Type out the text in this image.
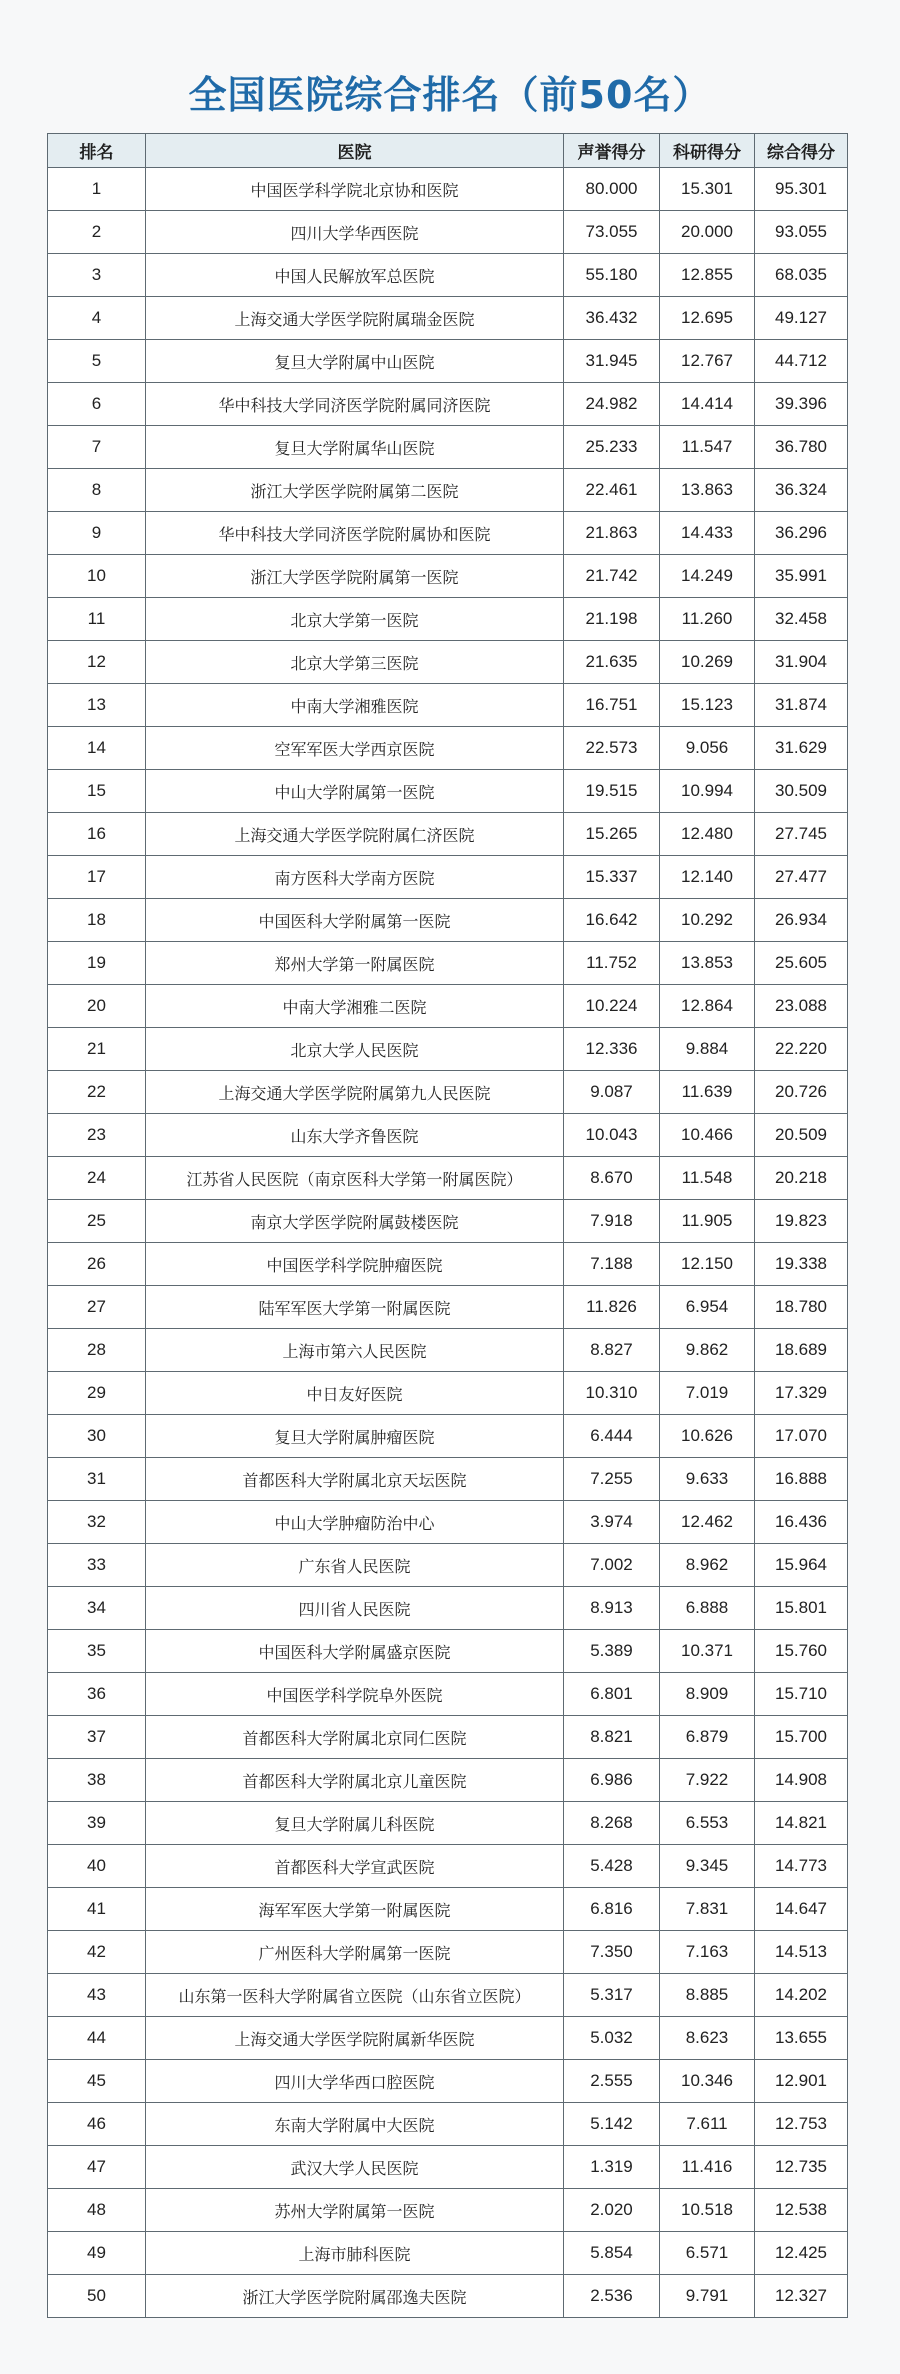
全国医院综合排名（前50名）
排名	医院	声誉得分	科研得分	综合得分
1	中国医学科学院北京协和医院	80.000	15.301	95.301
2	四川大学华西医院	73.055	20.000	93.055
3	中国人民解放军总医院	55.180	12.855	68.035
4	上海交通大学医学院附属瑞金医院	36.432	12.695	49.127
5	复旦大学附属中山医院	31.945	12.767	44.712
6	华中科技大学同济医学院附属同济医院	24.982	14.414	39.396
7	复旦大学附属华山医院	25.233	11.547	36.780
8	浙江大学医学院附属第二医院	22.461	13.863	36.324
9	华中科技大学同济医学院附属协和医院	21.863	14.433	36.296
10	浙江大学医学院附属第一医院	21.742	14.249	35.991
11	北京大学第一医院	21.198	11.260	32.458
12	北京大学第三医院	21.635	10.269	31.904
13	中南大学湘雅医院	16.751	15.123	31.874
14	空军军医大学西京医院	22.573	9.056	31.629
15	中山大学附属第一医院	19.515	10.994	30.509
16	上海交通大学医学院附属仁济医院	15.265	12.480	27.745
17	南方医科大学南方医院	15.337	12.140	27.477
18	中国医科大学附属第一医院	16.642	10.292	26.934
19	郑州大学第一附属医院	11.752	13.853	25.605
20	中南大学湘雅二医院	10.224	12.864	23.088
21	北京大学人民医院	12.336	9.884	22.220
22	上海交通大学医学院附属第九人民医院	9.087	11.639	20.726
23	山东大学齐鲁医院	10.043	10.466	20.509
24	江苏省人民医院（南京医科大学第一附属医院）	8.670	11.548	20.218
25	南京大学医学院附属鼓楼医院	7.918	11.905	19.823
26	中国医学科学院肿瘤医院	7.188	12.150	19.338
27	陆军军医大学第一附属医院	11.826	6.954	18.780
28	上海市第六人民医院	8.827	9.862	18.689
29	中日友好医院	10.310	7.019	17.329
30	复旦大学附属肿瘤医院	6.444	10.626	17.070
31	首都医科大学附属北京天坛医院	7.255	9.633	16.888
32	中山大学肿瘤防治中心	3.974	12.462	16.436
33	广东省人民医院	7.002	8.962	15.964
34	四川省人民医院	8.913	6.888	15.801
35	中国医科大学附属盛京医院	5.389	10.371	15.760
36	中国医学科学院阜外医院	6.801	8.909	15.710
37	首都医科大学附属北京同仁医院	8.821	6.879	15.700
38	首都医科大学附属北京儿童医院	6.986	7.922	14.908
39	复旦大学附属儿科医院	8.268	6.553	14.821
40	首都医科大学宣武医院	5.428	9.345	14.773
41	海军军医大学第一附属医院	6.816	7.831	14.647
42	广州医科大学附属第一医院	7.350	7.163	14.513
43	山东第一医科大学附属省立医院（山东省立医院）	5.317	8.885	14.202
44	上海交通大学医学院附属新华医院	5.032	8.623	13.655
45	四川大学华西口腔医院	2.555	10.346	12.901
46	东南大学附属中大医院	5.142	7.611	12.753
47	武汉大学人民医院	1.319	11.416	12.735
48	苏州大学附属第一医院	2.020	10.518	12.538
49	上海市肺科医院	5.854	6.571	12.425
50	浙江大学医学院附属邵逸夫医院	2.536	9.791	12.327
